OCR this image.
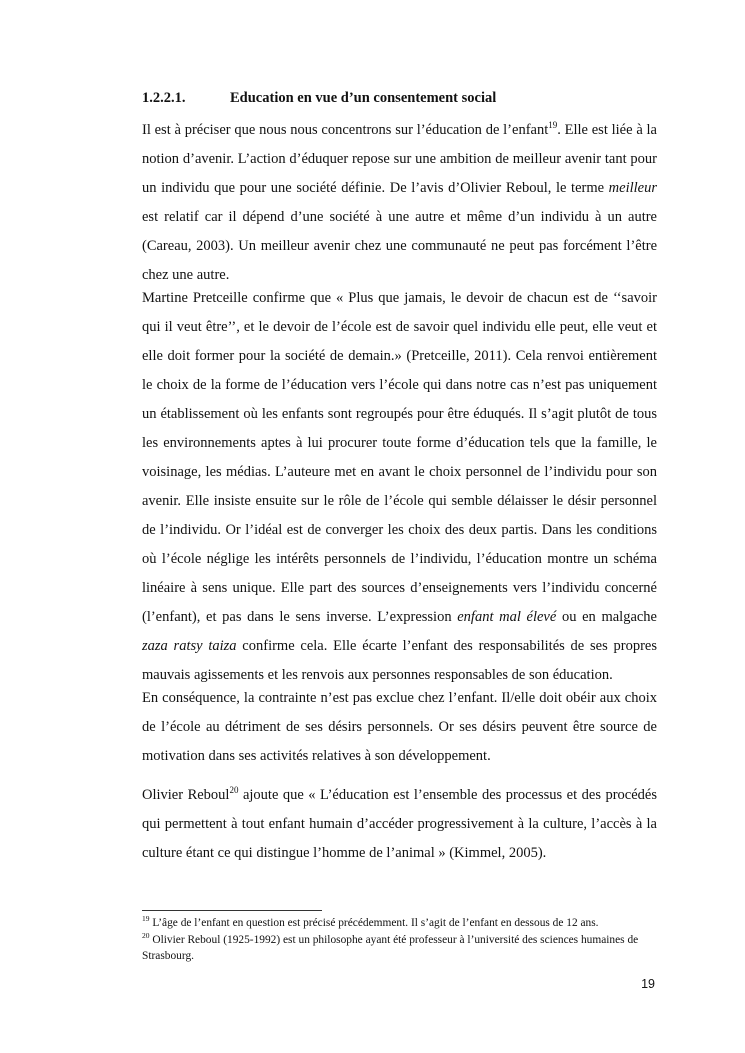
1.2.2.1.	Education en vue d’un consentement social

Il est à préciser que nous nous concentrons sur l’éducation de l’enfant$^{19}$. Elle est liée à la notion d’avenir. L’action d’éduquer repose sur une ambition de meilleur avenir tant pour un individu que pour une société définie. De l’avis d’Olivier Reboul, le terme meilleur est relatif car il dépend d’une société à une autre et même d’un individu à un autre (Careau, 2003). Un meilleur avenir chez une communauté ne peut pas forcément l’être chez une autre.

Martine Pretceille confirme que « Plus que jamais, le devoir de chacun est de ‘‘savoir qui il veut être’’, et le devoir de l’école est de savoir quel individu elle peut, elle veut et elle doit former pour la société de demain.» (Pretceille, 2011). Cela renvoi entièrement le choix de la forme de l’éducation vers l’école qui dans notre cas n’est pas uniquement un établissement où les enfants sont regroupés pour être éduqués. Il s’agit plutôt de tous les environnements aptes à lui procurer toute forme d’éducation tels que la famille, le voisinage, les médias. L’auteure met en avant le choix personnel de l’individu pour son avenir. Elle insiste ensuite sur le rôle de l’école qui semble délaisser le désir personnel de l’individu. Or l’idéal est de converger les choix des deux partis. Dans les conditions où l’école néglige les intérêts personnels de l’individu, l’éducation montre un schéma linéaire à sens unique. Elle part des sources d’enseignements vers l’individu concerné (l’enfant), et pas dans le sens inverse. L’expression enfant mal élevé ou en malgache zaza ratsy taiza confirme cela. Elle écarte l’enfant des responsabilités de ses propres mauvais agissements et les renvois aux personnes responsables de son éducation.

En conséquence, la contrainte n’est pas exclue chez l’enfant. Il/elle doit obéir aux choix de l’école au détriment de ses désirs personnels. Or ses désirs peuvent être source de motivation dans ses activités relatives à son développement.

Olivier Reboul$^{20}$ ajoute que « L’éducation est l’ensemble des processus et des procédés qui permettent à tout enfant humain d’accéder progressivement à la culture, l’accès à la culture étant ce qui distingue l’homme de l’animal » (Kimmel, 2005).

$^{19}$ L’âge de l’enfant en question est précisé précédemment. Il s’agit de l’enfant en dessous de 12 ans.

$^{20}$ Olivier Reboul (1925-1992) est un philosophe ayant été professeur à l’université des sciences humaines de Strasbourg.

19
